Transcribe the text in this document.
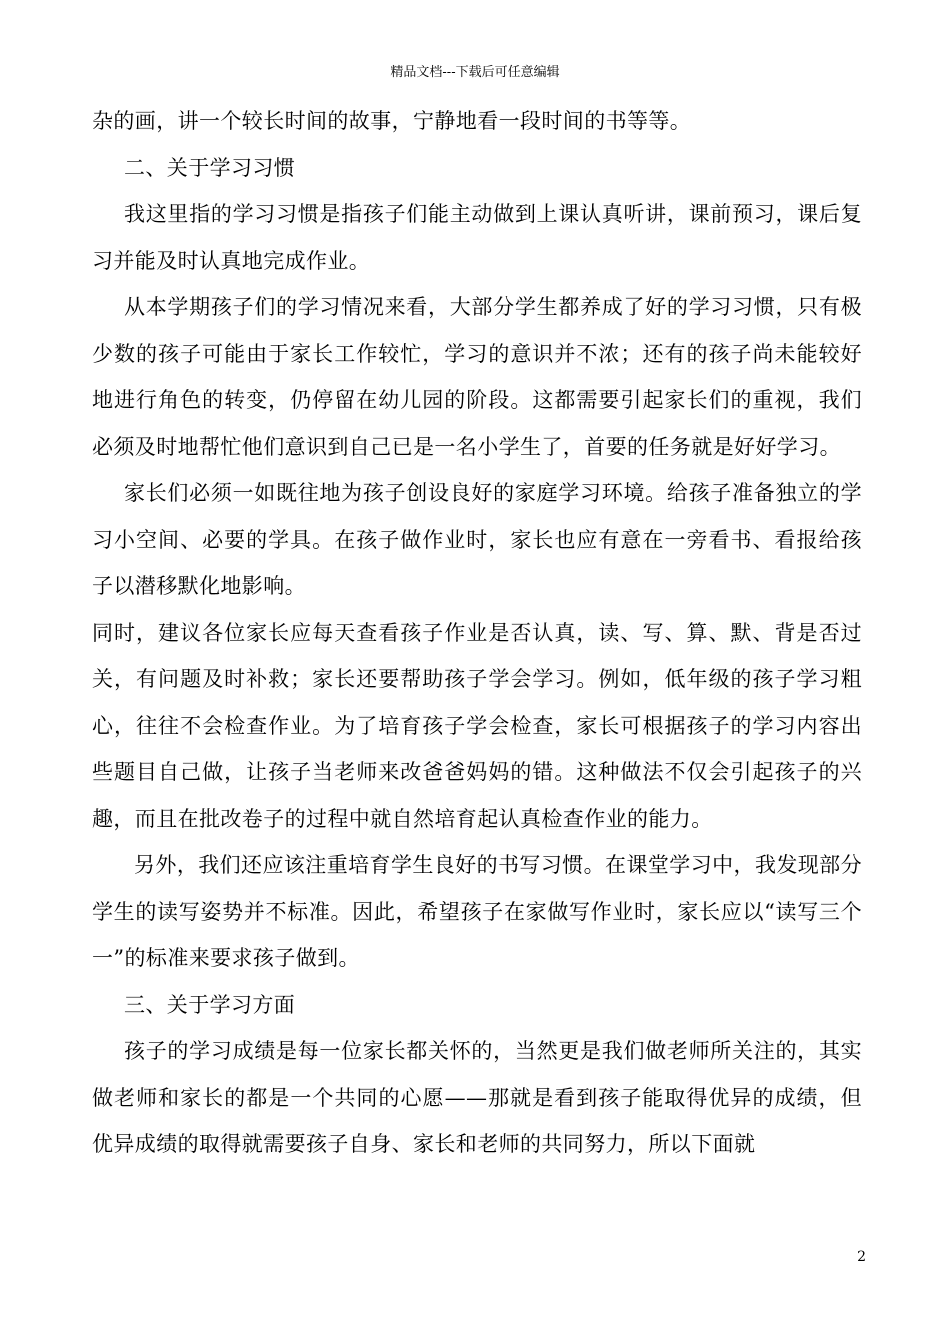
精品文档---下载后可任意编辑

杂的画，讲一个较长时间的故事，宁静地看一段时间的书等等。

二、关于学习习惯

我这里指的学习习惯是指孩子们能主动做到上课认真听讲，课前预习，课后复习并能及时认真地完成作业。

从本学期孩子们的学习情况来看，大部分学生都养成了好的学习习惯，只有极少数的孩子可能由于家长工作较忙，学习的意识并不浓；还有的孩子尚未能较好地进行角色的转变，仍停留在幼儿园的阶段。这都需要引起家长们的重视，我们必须及时地帮忙他们意识到自己已是一名小学生了，首要的任务就是好好学习。

家长们必须一如既往地为孩子创设良好的家庭学习环境。给孩子准备独立的学习小空间、必要的学具。在孩子做作业时，家长也应有意在一旁看书、看报给孩子以潜移默化地影响。

同时，建议各位家长应每天查看孩子作业是否认真，读、写、算、默、背是否过关，有问题及时补救；家长还要帮助孩子学会学习。例如，低年级的孩子学习粗心，往往不会检查作业。为了培育孩子学会检查，家长可根据孩子的学习内容出些题目自己做，让孩子当老师来改爸爸妈妈的错。这种做法不仅会引起孩子的兴趣，而且在批改卷子的过程中就自然培育起认真检查作业的能力。

另外，我们还应该注重培育学生良好的书写习惯。在课堂学习中，我发现部分学生的读写姿势并不标准。因此，希望孩子在家做写作业时，家长应以“读写三个一”的标准来要求孩子做到。

三、关于学习方面

孩子的学习成绩是每一位家长都关怀的，当然更是我们做老师所关注的，其实做老师和家长的都是一个共同的心愿——那就是看到孩子能取得优异的成绩，但优异成绩的取得就需要孩子自身、家长和老师的共同努力，所以下面就

2
